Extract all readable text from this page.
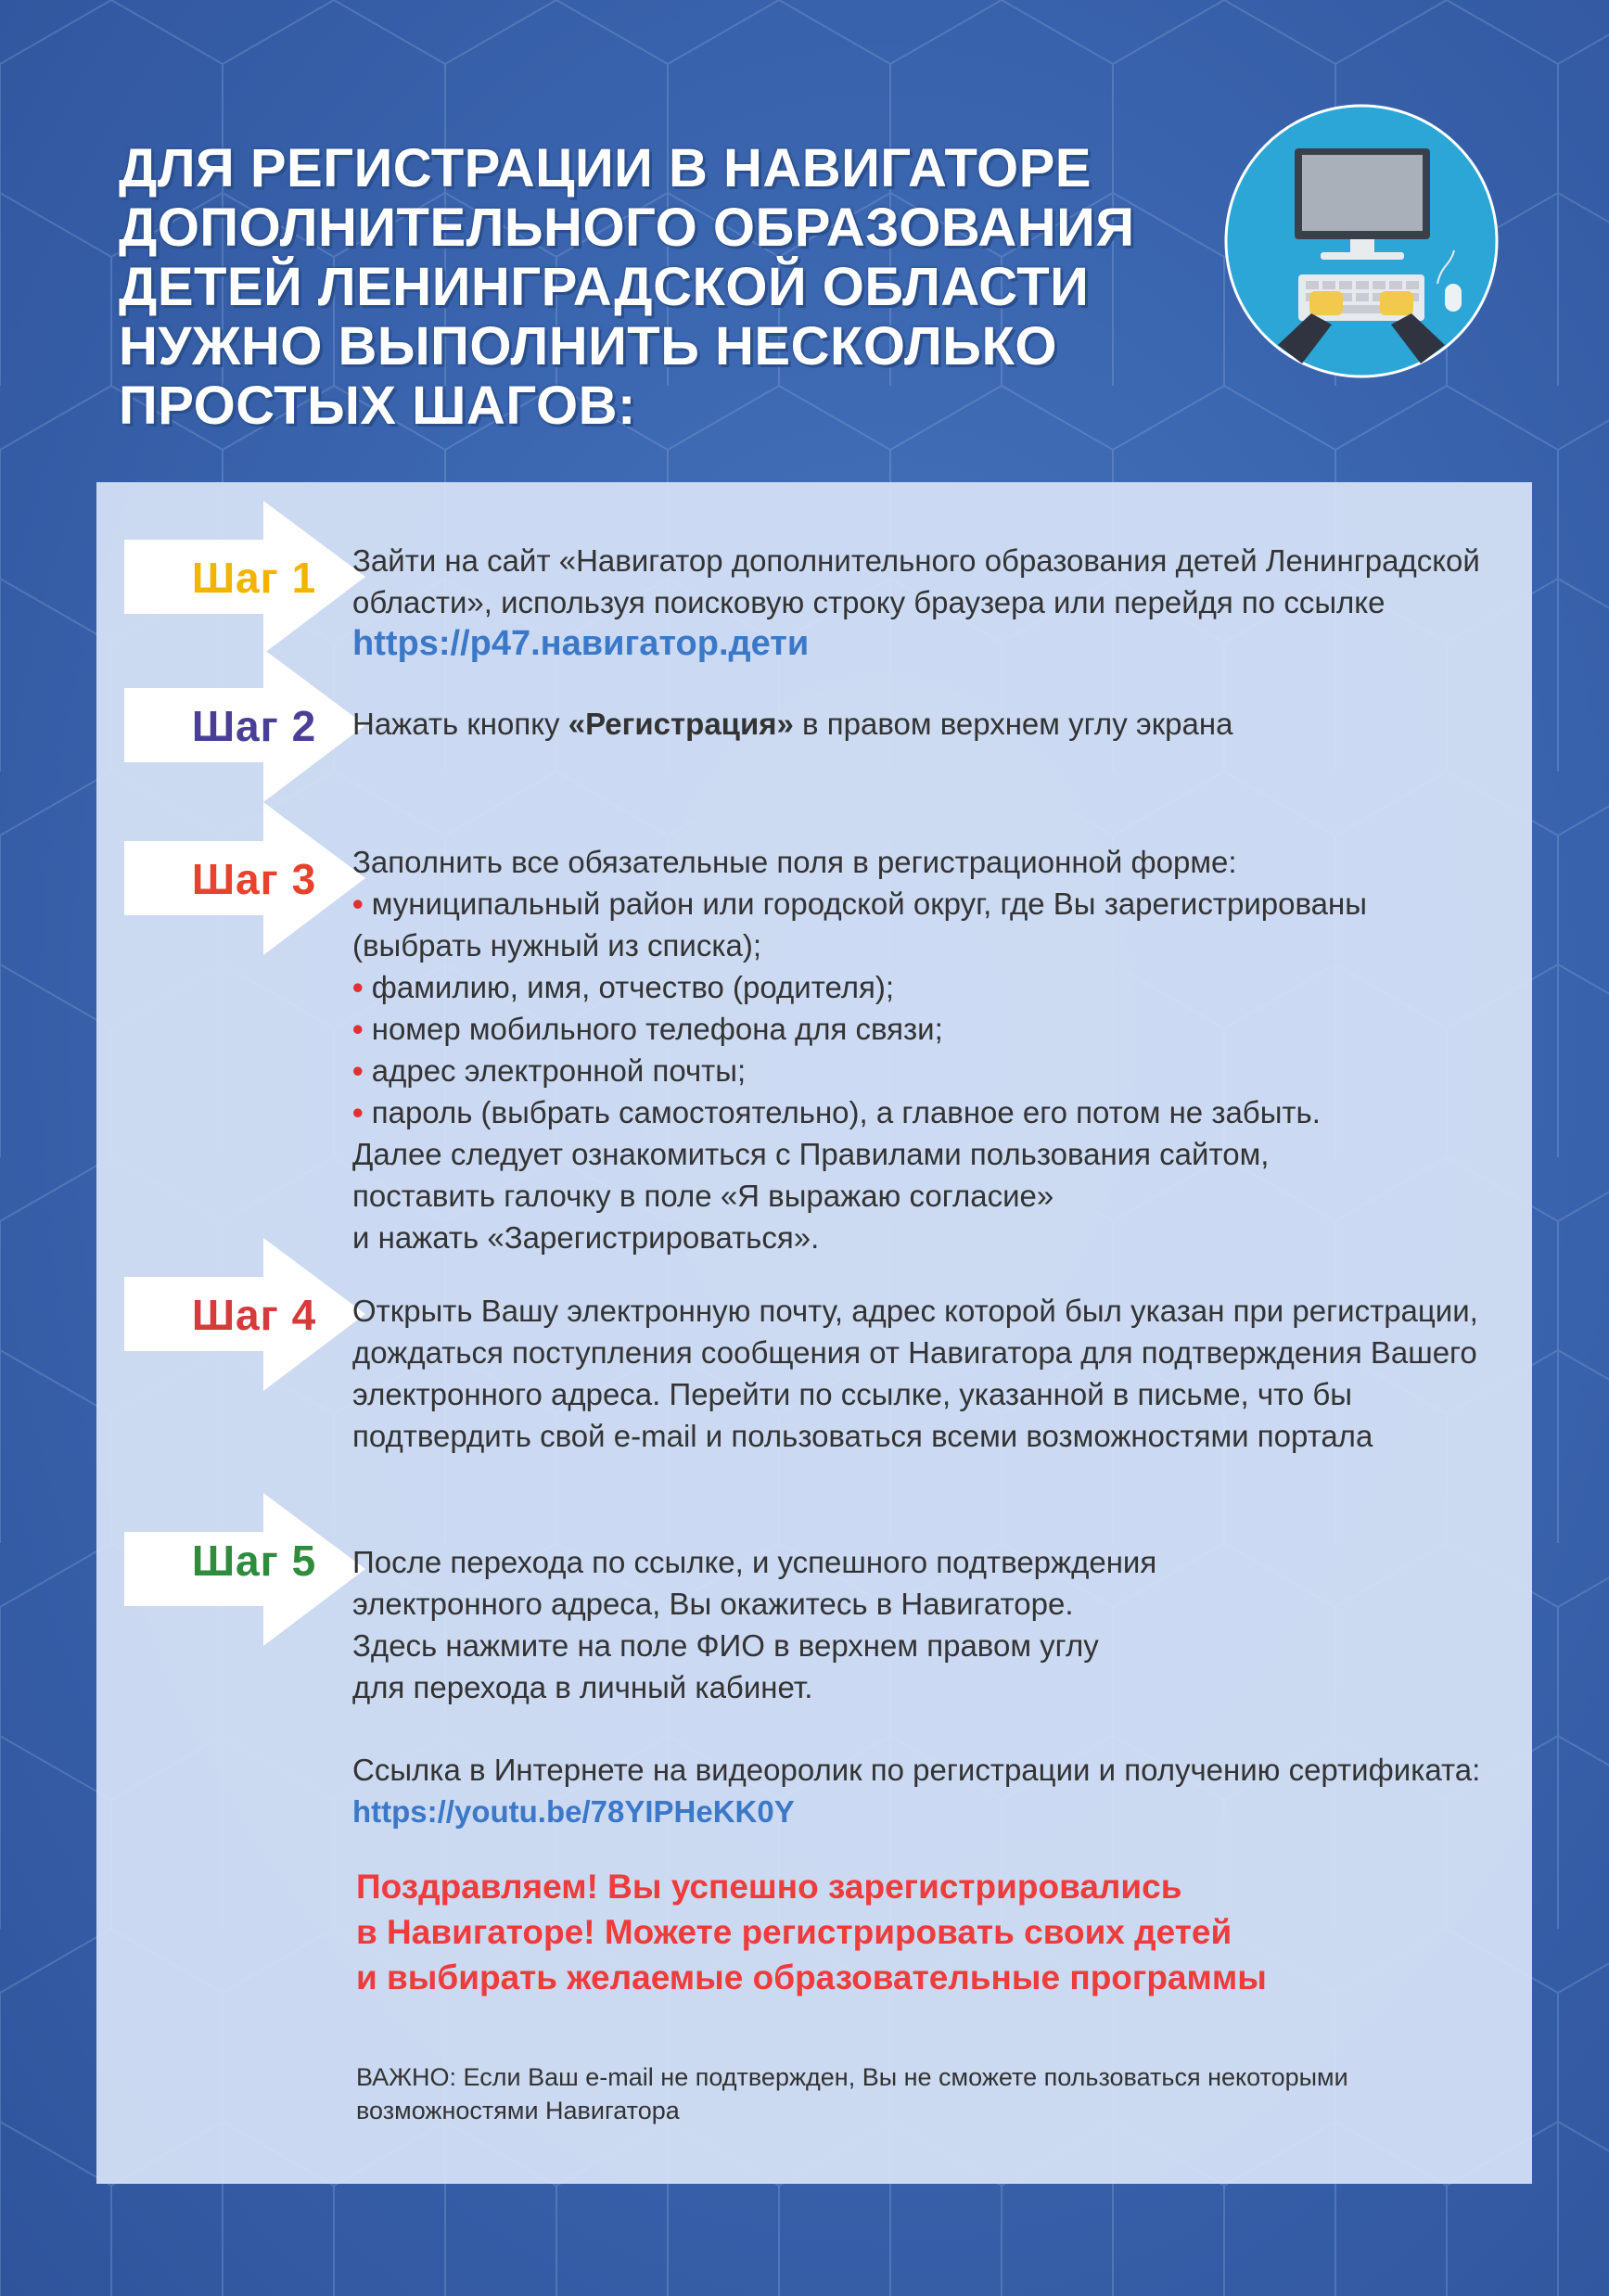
ДЛЯ РЕГИСТРАЦИИ В НАВИГАТОРЕ
ДОПОЛНИТЕЛЬНОГО ОБРАЗОВАНИЯ
ДЕТЕЙ ЛЕНИНГРАДСКОЙ ОБЛАСТИ
НУЖНО ВЫПОЛНИТЬ НЕСКОЛЬКО
ПРОСТЫХ ШАГОВ:
Шаг 1	Зайти на сайт «Навигатор дополнительного образования детей Ленинградской области», используя поисковую строку браузера или перейдя по ссылке https://р47.навигатор.дети

Шаг 2	Нажать кнопку «Регистрация» в правом верхнем углу экрана

Шаг 3	Заполнить все обязательные поля в регистрационной форме:
• муниципальный район или городской округ, где Вы зарегистрированы (выбрать нужный из списка);
• фамилию, имя, отчество (родителя);
• номер мобильного телефона для связи;
• адрес электронной почты;
• пароль (выбрать самостоятельно), а главное его потом не забыть.
Далее следует ознакомиться с Правилами пользования сайтом,
поставить галочку в поле «Я выражаю согласие»
и нажать «Зарегистрироваться».
Шаг 4	Открыть Вашу электронную почту, адрес которой был указан при регистрации, дождаться поступления сообщения от Навигатора для подтверждения Вашего электронного адреса. Перейти по ссылке, указанной в письме, что бы подтвердить свой e-mail и пользоваться всеми возможностями портала

Шаг 5	После перехода по ссылке, и успешного подтверждения
электронного адреса, Вы окажитесь в Навигаторе.
Здесь нажмите на поле ФИО в верхнем правом углу
для перехода в личный кабинет.
Ссылка в Интернете на видеоролик по регистрации и получению сертификата: https://youtu.be/78YIPHeKK0Y
Поздравляем! Вы успешно зарегистрировались
в Навигаторе! Можете регистрировать своих детей
и выбирать желаемые образовательные программы

ВАЖНО: Если Ваш e-mail не подтвержден, Вы не сможете пользоваться некоторыми возможностями Навигатора
